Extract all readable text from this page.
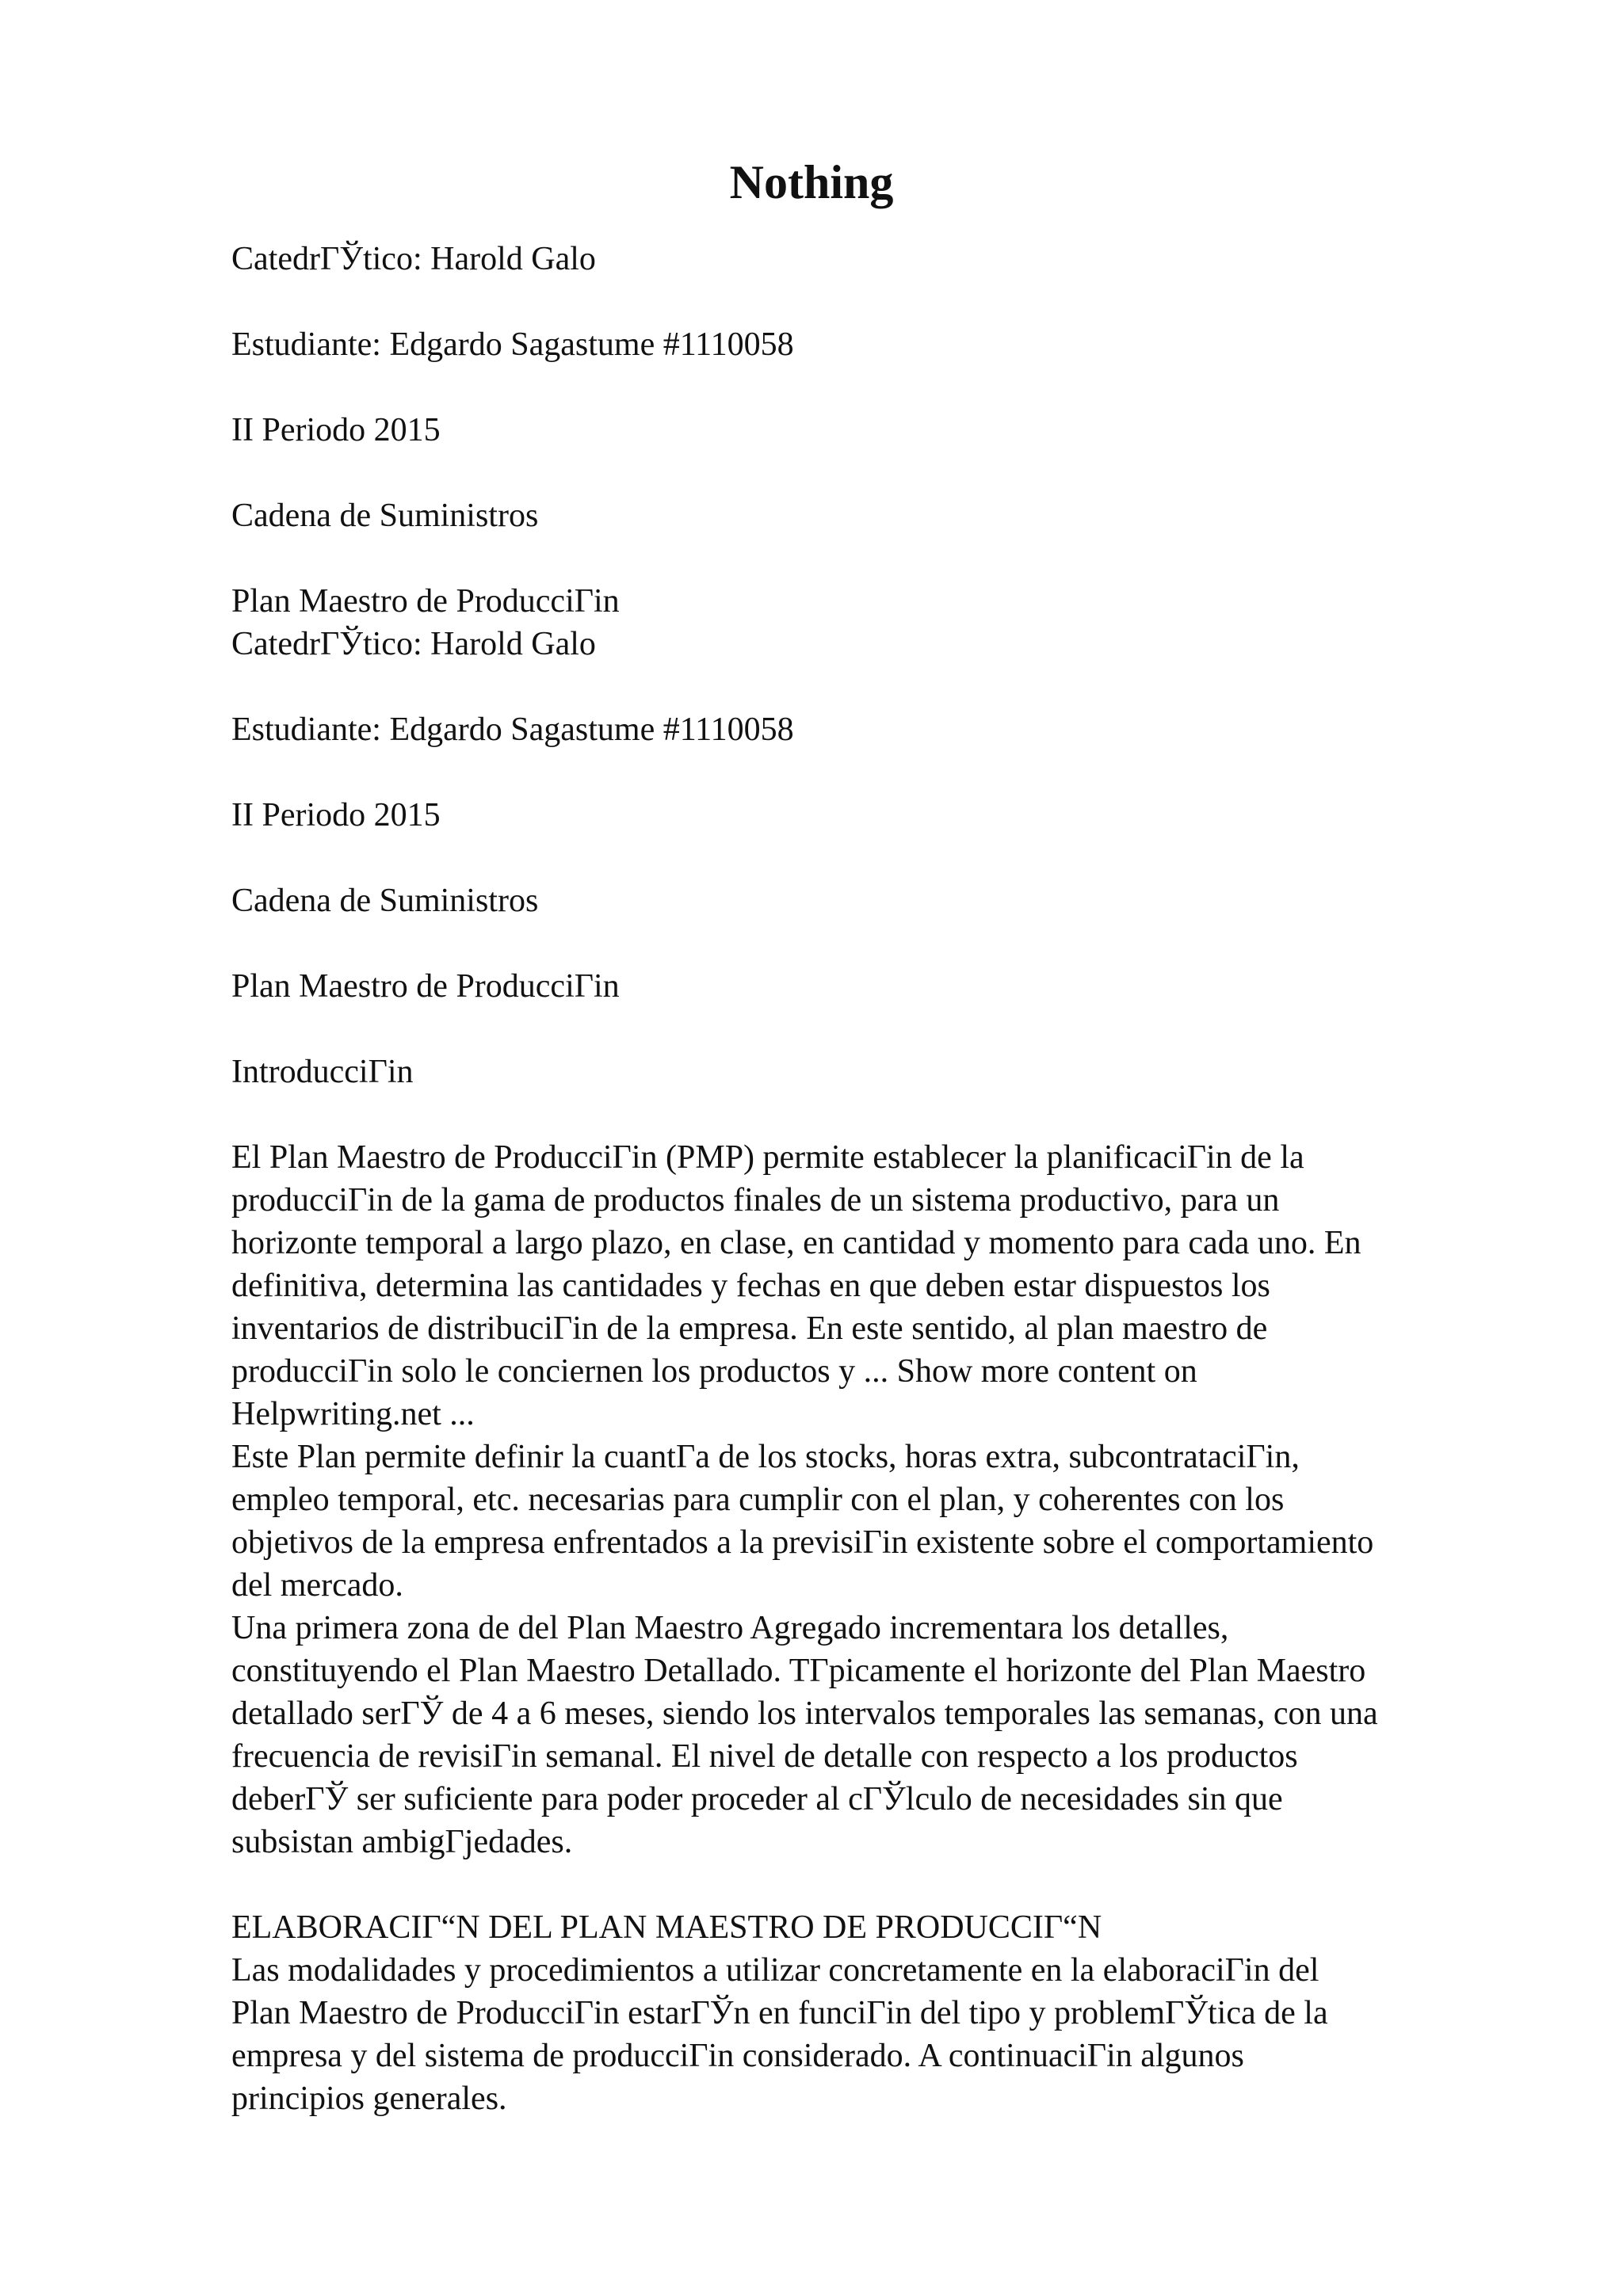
Nothing

CatedrГЎtico: Harold Galo

Estudiante: Edgardo Sagastume #1110058

II Periodo 2015

Cadena de Suministros

Plan Maestro de ProducciГіn
CatedrГЎtico: Harold Galo

Estudiante: Edgardo Sagastume #1110058

II Periodo 2015

Cadena de Suministros

Plan Maestro de ProducciГіn

IntroducciГіn

El Plan Maestro de ProducciГіn (PMP) permite establecer la planificaciГіn de la
producciГіn de la gama de productos finales de un sistema productivo, para un
horizonte temporal a largo plazo, en clase, en cantidad y momento para cada uno. En
definitiva, determina las cantidades y fechas en que deben estar dispuestos los
inventarios de distribuciГіn de la empresa. En este sentido, al plan maestro de
producciГіn solo le conciernen los productos y ... Show more content on
Helpwriting.net ...
Este Plan permite definir la cuantГa de los stocks, horas extra, subcontrataciГіn,
empleo temporal, etc. necesarias para cumplir con el plan, y coherentes con los
objetivos de la empresa enfrentados a la previsiГіn existente sobre el comportamiento
del mercado.
Una primera zona de del Plan Maestro Agregado incrementara los detalles,
constituyendo el Plan Maestro Detallado. TГpicamente el horizonte del Plan Maestro
detallado serГЎ de 4 a 6 meses, siendo los intervalos temporales las semanas, con una
frecuencia de revisiГіn semanal. El nivel de detalle con respecto a los productos
deberГЎ ser suficiente para poder proceder al cГЎlculo de necesidades sin que
subsistan ambigГјedades.

ELABORACIГ“N DEL PLAN MAESTRO DE PRODUCCIГ“N
Las modalidades y procedimientos a utilizar concretamente en la elaboraciГіn del
Plan Maestro de ProducciГіn estarГЎn en funciГіn del tipo y problemГЎtica de la
empresa y del sistema de producciГіn considerado. A continuaciГіn algunos
principios generales.
